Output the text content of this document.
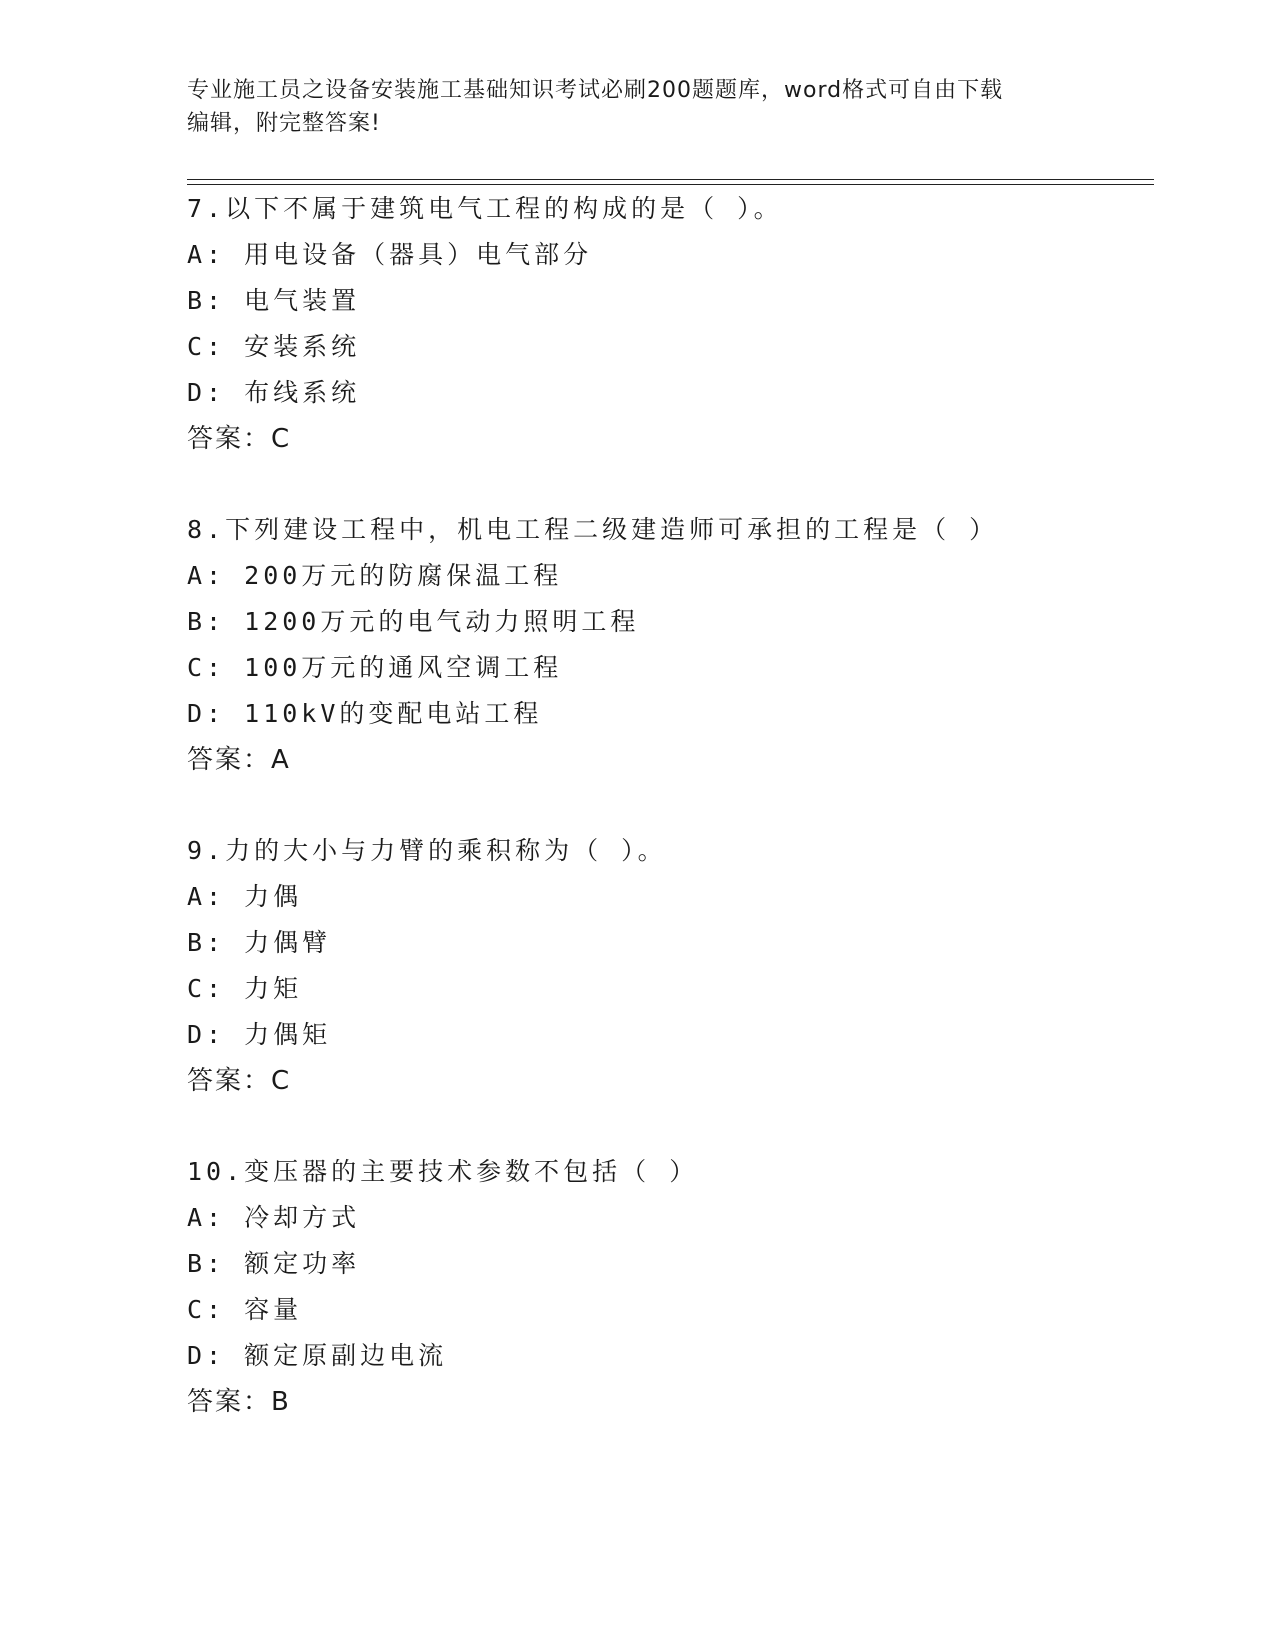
专业施工员之设备安装施工基础知识考试必刷200题题库，word格式可自由下载
编辑，附完整答案!
7.以下不属于建筑电气工程的构成的是（ ）。
A: 用电设备（器具）电气部分
B: 电气装置
C: 安装系统
D: 布线系统
答案：C
8.下列建设工程中，机电工程二级建造师可承担的工程是（ ）
A: 200万元的防腐保温工程
B: 1200万元的电气动力照明工程
C: 100万元的通风空调工程
D: 110kV的变配电站工程
答案：A
9.力的大小与力臂的乘积称为（ ）。
A: 力偶
B: 力偶臂
C: 力矩
D: 力偶矩
答案：C
10.变压器的主要技术参数不包括（ ）
A: 冷却方式
B: 额定功率
C: 容量
D: 额定原副边电流
答案：B
